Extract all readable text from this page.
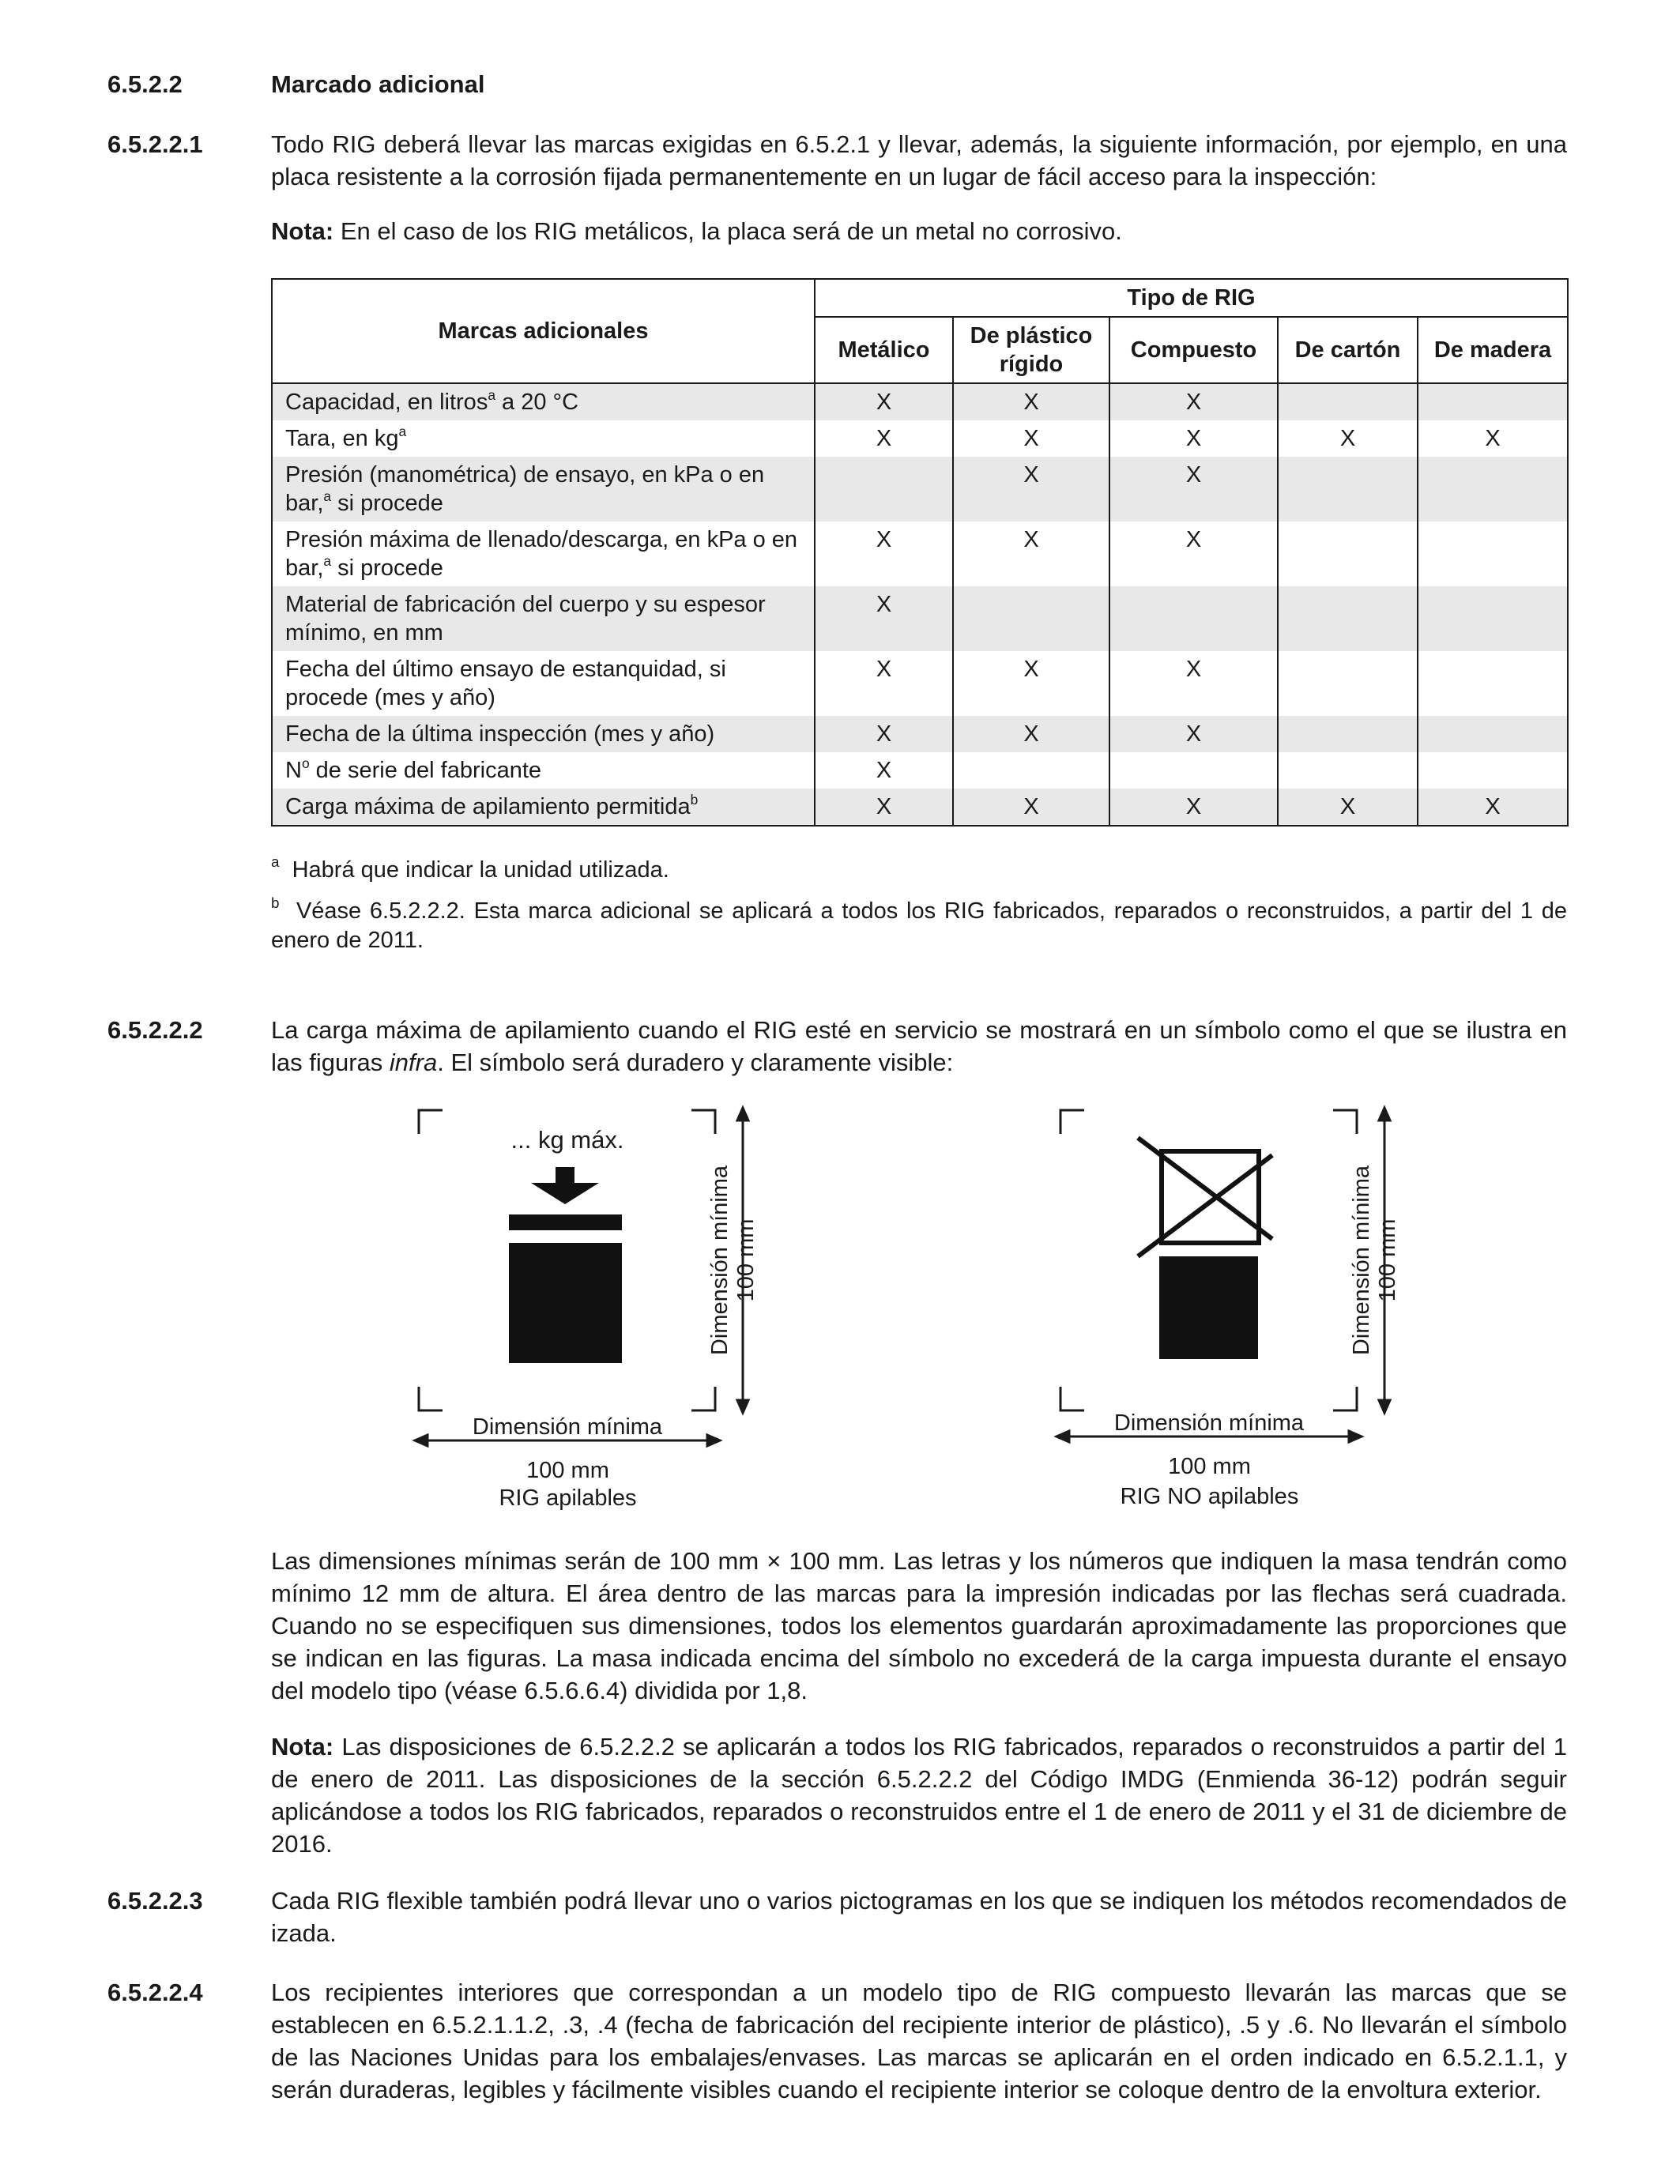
6.5.2.2	Marcado adicional
6.5.2.2.1	Todo RIG deberá llevar las marcas exigidas en 6.5.2.1 y llevar, además, la siguiente información, por ejemplo, en una placa resistente a la corrosión fijada permanentemente en un lugar de fácil acceso para la inspección:
Nota: En el caso de los RIG metálicos, la placa será de un metal no corrosivo.
Marcas adicionales	Tipo de RIG				
	Metálico	De plástico rígido	Compuesto	De cartón	De madera
Capacidad, en litros$^a$ a 20 °C	X	X	X		
Tara, en $kg^a$	X	X	X	X	X
Presión (manométrica) de ensayo, en kPa o en bar,$^a$ si procede		X	X		
Presión máxima de llenado/descarga, en kPa o en bar,$^a$ si procede	X	X	X		
Material de fabricación del cuerpo y su espesor mínimo, en mm	X				
Fecha del último ensayo de estanquidad, si procede (mes y año)	X	X	X		
Fecha de la última inspección (mes y año)	X	X	X		
$N^o$ de serie del fabricante	X				
Carga máxima de apilamiento permitida$^b$	X	X	X	X	X
$^a$ Habrá que indicar la unidad utilizada.
$^b$ Véase 6.5.2.2.2. Esta marca adicional se aplicará a todos los RIG fabricados, reparados o reconstruidos, a partir del 1 de enero de 2011.
6.5.2.2.2	La carga máxima de apilamiento cuando el RIG esté en servicio se mostrará en un símbolo como el que se ilustra en las figuras infra. El símbolo será duradero y claramente visible:
... kg máx.
Dimensión mínima 100 mm
Dimensión mínima
100 mm
RIG apilables
Dimensión mínima 100 mm
Dimensión mínima
100 mm
RIG NO apilables
Las dimensiones mínimas serán de 100 mm × 100 mm. Las letras y los números que indiquen la masa tendrán como mínimo 12 mm de altura. El área dentro de las marcas para la impresión indicadas por las flechas será cuadrada. Cuando no se especifiquen sus dimensiones, todos los elementos guardarán aproximadamente las proporciones que se indican en las figuras. La masa indicada encima del símbolo no excederá de la carga impuesta durante el ensayo del modelo tipo (véase 6.5.6.6.4) dividida por 1,8.
Nota: Las disposiciones de 6.5.2.2.2 se aplicarán a todos los RIG fabricados, reparados o reconstruidos a partir del 1 de enero de 2011. Las disposiciones de la sección 6.5.2.2.2 del Código IMDG (Enmienda 36-12) podrán seguir aplicándose a todos los RIG fabricados, reparados o reconstruidos entre el 1 de enero de 2011 y el 31 de diciembre de 2016.
6.5.2.2.3	Cada RIG flexible también podrá llevar uno o varios pictogramas en los que se indiquen los métodos recomendados de izada.
6.5.2.2.4	Los recipientes interiores que correspondan a un modelo tipo de RIG compuesto llevarán las marcas que se establecen en 6.5.2.1.1.2, .3, .4 (fecha de fabricación del recipiente interior de plástico), .5 y .6. No llevarán el símbolo de las Naciones Unidas para los embalajes/envases. Las marcas se aplicarán en el orden indicado en 6.5.2.1.1, y serán duraderas, legibles y fácilmente visibles cuando el recipiente interior se coloque dentro de la envoltura exterior.
